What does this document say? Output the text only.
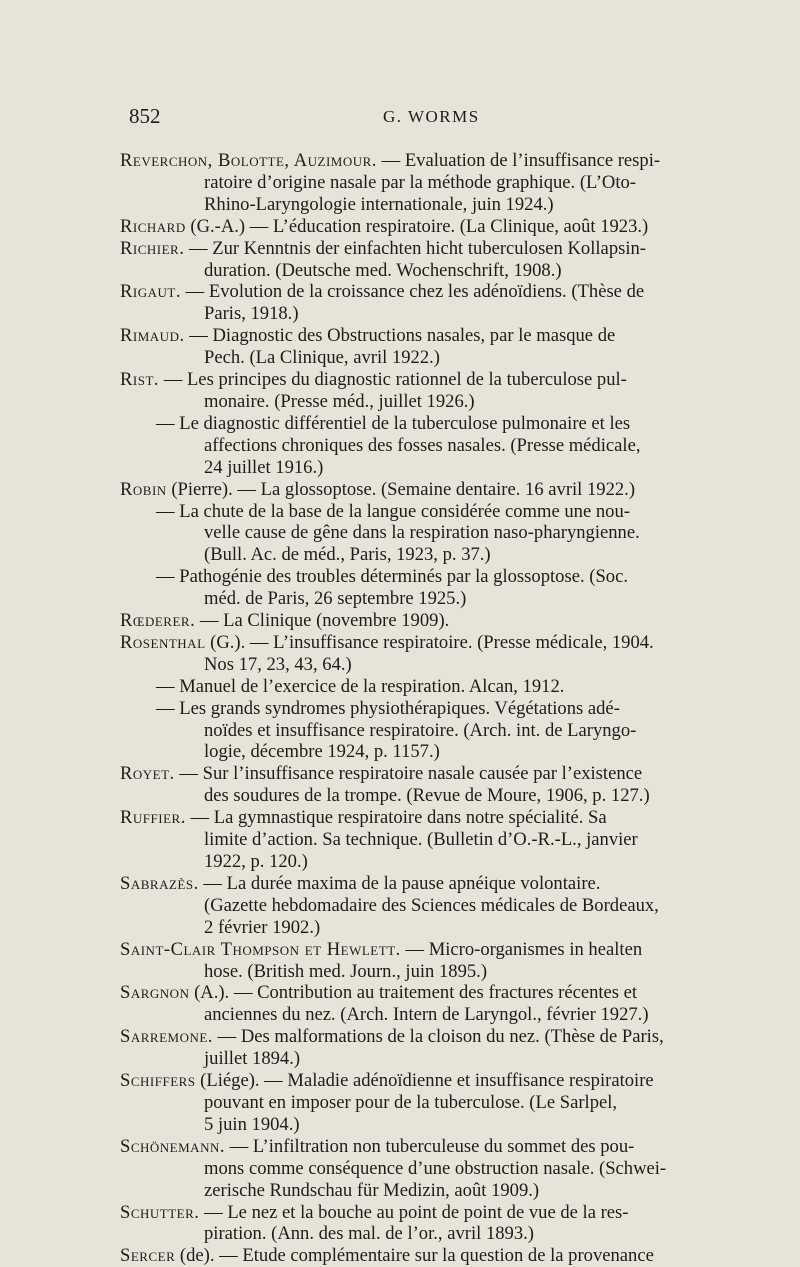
852	G. WORMS
Reverchon, Bolotte, Auzimour. — Evaluation de l’insuffisance respi-
ratoire d’origine nasale par la méthode graphique. (L’Oto-
Rhino-Laryngologie internationale, juin 1924.)
Richard (G.-A.) — L’éducation respiratoire. (La Clinique, août 1923.)
Richier. — Zur Kenntnis der einfachten hicht tuberculosen Kollapsin-
duration. (Deutsche med. Wochenschrift, 1908.)
Rigaut. — Evolution de la croissance chez les adénoïdiens. (Thèse de
Paris, 1918.)
Rimaud. — Diagnostic des Obstructions nasales, par le masque de
Pech. (La Clinique, avril 1922.)
Rist. — Les principes du diagnostic rationnel de la tuberculose pul-
monaire. (Presse méd., juillet 1926.)
— Le diagnostic différentiel de la tuberculose pulmonaire et les
affections chroniques des fosses nasales. (Presse médicale,
24 juillet 1916.)
Robin (Pierre). — La glossoptose. (Semaine dentaire. 16 avril 1922.)
— La chute de la base de la langue considérée comme une nou-
velle cause de gêne dans la respiration naso-pharyngienne.
(Bull. Ac. de méd., Paris, 1923, p. 37.)
— Pathogénie des troubles déterminés par la glossoptose. (Soc.
méd. de Paris, 26 septembre 1925.)
Rœderer. — La Clinique (novembre 1909).
Rosenthal (G.). — L’insuffisance respiratoire. (Presse médicale, 1904.
Nos 17, 23, 43, 64.)
— Manuel de l’exercice de la respiration. Alcan, 1912.
— Les grands syndromes physiothérapiques. Végétations adé-
noïdes et insuffisance respiratoire. (Arch. int. de Laryngo-
logie, décembre 1924, p. 1157.)
Royet. — Sur l’insuffisance respiratoire nasale causée par l’existence
des soudures de la trompe. (Revue de Moure, 1906, p. 127.)
Ruffier. — La gymnastique respiratoire dans notre spécialité. Sa
limite d’action. Sa technique. (Bulletin d’O.-R.-L., janvier
1922, p. 120.)
Sabrazès. — La durée maxima de la pause apnéique volontaire.
(Gazette hebdomadaire des Sciences médicales de Bordeaux,
2 février 1902.)
Saint-Clair Thompson et Hewlett. — Micro-organismes in healten
hose. (British med. Journ., juin 1895.)
Sargnon (A.). — Contribution au traitement des fractures récentes et
anciennes du nez. (Arch. Intern de Laryngol., février 1927.)
Sarremone. — Des malformations de la cloison du nez. (Thèse de Paris,
juillet 1894.)
Schiffers (Liége). — Maladie adénoïdienne et insuffisance respiratoire
pouvant en imposer pour de la tuberculose. (Le Sarlpel,
5 juin 1904.)
Schönemann. — L’infiltration non tuberculeuse du sommet des pou-
mons comme conséquence d’une obstruction nasale. (Schwei-
zerische Rundschau für Medizin, août 1909.)
Schutter. — Le nez et la bouche au point de point de vue de la res-
piration. (Ann. des mal. de l’or., avril 1893.)
Sercer (de). — Etude complémentaire sur la question de la provenance
